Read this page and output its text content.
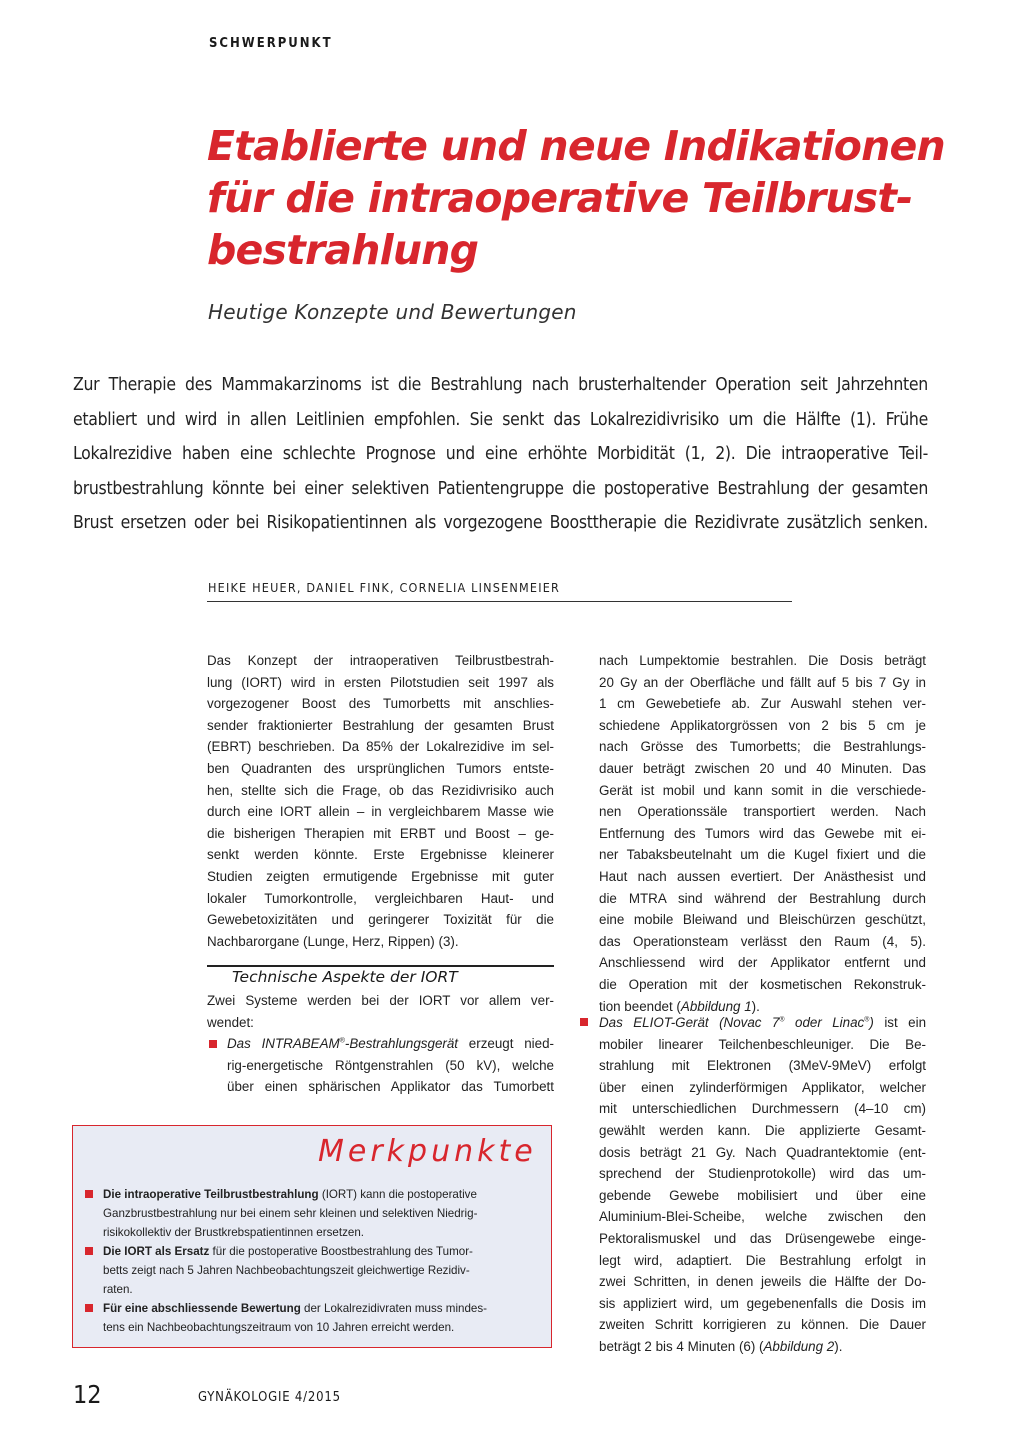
SCHWERPUNKT
Etablierte und neue Indikationen
für die intraoperative Teilbrust-
bestrahlung
Heutige Konzepte und Bewertungen
Zur Therapie des Mammakarzinoms ist die Bestrahlung nach brusterhaltender Operation seit Jahrzehnten
etabliert und wird in allen Leitlinien empfohlen. Sie senkt das Lokalrezidivrisiko um die Hälfte (1). Frühe
Lokalrezidive haben eine schlechte Prognose und eine erhöhte Morbidität (1, 2). Die intraoperative Teil-
brustbestrahlung könnte bei einer selektiven Patientengruppe die postoperative Bestrahlung der gesamten
Brust ersetzen oder bei Risikopatientinnen als vorgezogene Boosttherapie die Rezidivrate zusätzlich senken.
HEIKE HEUER, DANIEL FINK, CORNELIA LINSENMEIER
Das Konzept der intraoperativen Teilbrustbestrah-
lung (IORT) wird in ersten Pilotstudien seit 1997 als
vorgezogener Boost des Tumorbetts mit anschlies-
sender fraktionierter Bestrahlung der gesamten Brust
(EBRT) beschrieben. Da 85% der Lokalrezidive im sel-
ben Quadranten des ursprünglichen Tumors entste-
hen, stellte sich die Frage, ob das Rezidivrisiko auch
durch eine IORT allein – in vergleichbarem Masse wie
die bisherigen Therapien mit ERBT und Boost – ge-
senkt werden könnte. Erste Ergebnisse kleinerer
Studien zeigten ermutigende Ergebnisse mit guter
lokaler Tumorkontrolle, vergleichbaren Haut- und
Gewebetoxizitäten und geringerer Toxizität für die
Nachbarorgane (Lunge, Herz, Rippen) (3).
Technische Aspekte der IORT
Zwei Systeme werden bei der IORT vor allem ver-
wendet:
Das INTRABEAM®-Bestrahlungsgerät erzeugt nied-
rig-energetische Röntgenstrahlen (50 kV), welche
über einen sphärischen Applikator das Tumorbett
Merkpunkte
Die intraoperative Teilbrustbestrahlung (IORT) kann die postoperative
Ganzbrustbestrahlung nur bei einem sehr kleinen und selektiven Niedrig-
risikokollektiv der Brustkrebspatientinnen ersetzen.
Die IORT als Ersatz für die postoperative Boostbestrahlung des Tumor-
betts zeigt nach 5 Jahren Nachbeobachtungszeit gleichwertige Rezidiv-
raten.
Für eine abschliessende Bewertung der Lokalrezidivraten muss mindes-
tens ein Nachbeobachtungszeitraum von 10 Jahren erreicht werden.
nach Lumpektomie bestrahlen. Die Dosis beträgt
20 Gy an der Oberfläche und fällt auf 5 bis 7 Gy in
1 cm Gewebetiefe ab. Zur Auswahl stehen ver-
schiedene Applikatorgrössen von 2 bis 5 cm je
nach Grösse des Tumorbetts; die Bestrahlungs-
dauer beträgt zwischen 20 und 40 Minuten. Das
Gerät ist mobil und kann somit in die verschiede-
nen Operationssäle transportiert werden. Nach
Entfernung des Tumors wird das Gewebe mit ei-
ner Tabaksbeutelnaht um die Kugel fixiert und die
Haut nach aussen evertiert. Der Anästhesist und
die MTRA sind während der Bestrahlung durch
eine mobile Bleiwand und Bleischürzen geschützt,
das Operationsteam verlässt den Raum (4, 5).
Anschliessend wird der Applikator entfernt und
die Operation mit der kosmetischen Rekonstruk-
tion beendet (Abbildung 1).
Das ELIOT-Gerät (Novac 7® oder Linac®) ist ein
mobiler linearer Teilchenbeschleuniger. Die Be-
strahlung mit Elektronen (3MeV-9MeV) erfolgt
über einen zylinderförmigen Applikator, welcher
mit unterschiedlichen Durchmessern (4–10 cm)
gewählt werden kann. Die applizierte Gesamt-
dosis beträgt 21 Gy. Nach Quadrantektomie (ent-
sprechend der Studienprotokolle) wird das um-
gebende Gewebe mobilisiert und über eine
Aluminium-Blei-Scheibe, welche zwischen den
Pektoralismuskel und das Drüsengewebe einge-
legt wird, adaptiert. Die Bestrahlung erfolgt in
zwei Schritten, in denen jeweils die Hälfte der Do-
sis appliziert wird, um gegebenenfalls die Dosis im
zweiten Schritt korrigieren zu können. Die Dauer
beträgt 2 bis 4 Minuten (6) (Abbildung 2).
12	GYNÄKOLOGIE 4/2015
